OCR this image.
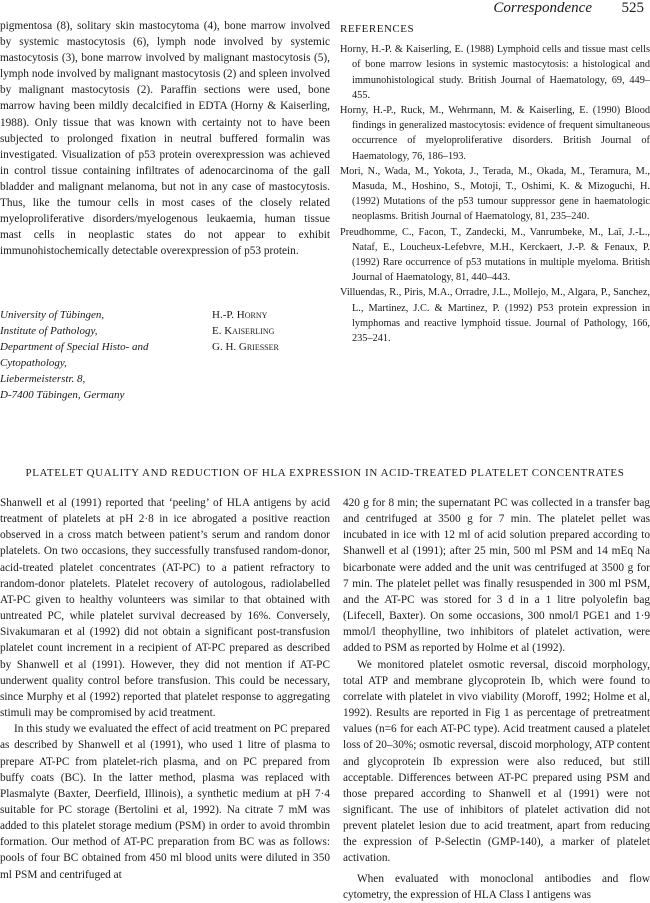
Correspondence 525

pigmentosa (8), solitary skin mastocytoma (4), bone marrow involved by systemic mastocytosis (6), lymph node involved by systemic mastocytosis (3), bone marrow involved by malignant mastocytosis (5), lymph node involved by malignant mastocytosis (2) and spleen involved by malignant mastocytosis (2). Paraffin sections were used, bone marrow having been mildly decalcified in EDTA (Horny & Kaiserling, 1988). Only tissue that was known with certainty not to have been subjected to prolonged fixation in neutral buffered formalin was investigated. Visualization of p53 protein overexpression was achieved in control tissue containing infiltrates of adenocarcinoma of the gall bladder and malignant melanoma, but not in any case of mastocytosis. Thus, like the tumour cells in most cases of the closely related myeloproliferative disorders/myelogenous leukaemia, human tissue mast cells in neoplastic states do not appear to exhibit immunohistochemically detectable overexpression of p53 protein.

University of Tübingen,
Institute of Pathology,
Department of Special Histo- and
Cytopathology,
Liebermeisterstr. 8,
D-7400 Tübingen, Germany
H.-P. Horny
E. Kaiserling
G. H. Griesser
REFERENCES

Horny, H.-P. & Kaiserling, E. (1988) Lymphoid cells and tissue mast cells of bone marrow lesions in systemic mastocytosis: a histological and immunohistological study. British Journal of Haematology, 69, 449–455.

Horny, H.-P., Ruck, M., Wehrmann, M. & Kaiserling, E. (1990) Blood findings in generalized mastocytosis: evidence of frequent simultaneous occurrence of myeloproliferative disorders. British Journal of Haematology, 76, 186–193.

Mori, N., Wada, M., Yokota, J., Terada, M., Okada, M., Teramura, M., Masuda, M., Hoshino, S., Motoji, T., Oshimi, K. & Mizoguchi, H. (1992) Mutations of the p53 tumour suppressor gene in haematologic neoplasms. British Journal of Haematology, 81, 235–240.

Preudhomme, C., Facon, T., Zandecki, M., Vanrumbeke, M., Laï, J.-L., Nataf, E., Loucheux-Lefebvre, M.H., Kerckaert, J.-P. & Fenaux, P. (1992) Rare occurrence of p53 mutations in multiple myeloma. British Journal of Haematology, 81, 440–443.

Villuendas, R., Piris, M.A., Orradre, J.L., Mollejo, M., Algara, P., Sanchez, L., Martinez, J.C. & Martinez, P. (1992) P53 protein expression in lymphomas and reactive lymphoid tissue. Journal of Pathology, 166, 235–241.

PLATELET QUALITY AND REDUCTION OF HLA EXPRESSION IN ACID-TREATED PLATELET CONCENTRATES

Shanwell et al (1991) reported that ‘peeling’ of HLA antigens by acid treatment of platelets at pH 2·8 in ice abrogated a positive reaction observed in a cross match between patient’s serum and random donor platelets. On two occasions, they successfully transfused random-donor, acid-treated platelet concentrates (AT-PC) to a patient refractory to random-donor platelets. Platelet recovery of autologous, radiolabelled AT-PC given to healthy volunteers was similar to that obtained with untreated PC, while platelet survival decreased by 16%. Conversely, Sivakumaran et al (1992) did not obtain a significant post-transfusion platelet count increment in a recipient of AT-PC prepared as described by Shanwell et al (1991). However, they did not mention if AT-PC underwent quality control before transfusion. This could be necessary, since Murphy et al (1992) reported that platelet response to aggregating stimuli may be compromised by acid treatment.

In this study we evaluated the effect of acid treatment on PC prepared as described by Shanwell et al (1991), who used 1 litre of plasma to prepare AT-PC from platelet-rich plasma, and on PC prepared from buffy coats (BC). In the latter method, plasma was replaced with Plasmalyte (Baxter, Deerfield, Illinois), a synthetic medium at pH 7·4 suitable for PC storage (Bertolini et al, 1992). Na citrate 7 mM was added to this platelet storage medium (PSM) in order to avoid thrombin formation. Our method of AT-PC preparation from BC was as follows: pools of four BC obtained from 450 ml blood units were diluted in 350 ml PSM and centrifuged at

420 g for 8 min; the supernatant PC was collected in a transfer bag and centrifuged at 3500 g for 7 min. The platelet pellet was incubated in ice with 12 ml of acid solution prepared according to Shanwell et al (1991); after 25 min, 500 ml PSM and 14 mEq Na bicarbonate were added and the unit was centrifuged at 3500 g for 7 min. The platelet pellet was finally resuspended in 300 ml PSM, and the AT-PC was stored for 3 d in a 1 litre polyolefin bag (Lifecell, Baxter). On some occasions, 300 nmol/l PGE1 and 1·9 mmol/l theophylline, two inhibitors of platelet activation, were added to PSM as reported by Holme et al (1992).

We monitored platelet osmotic reversal, discoid morphology, total ATP and membrane glycoprotein Ib, which were found to correlate with platelet in vivo viability (Moroff, 1992; Holme et al, 1992). Results are reported in Fig 1 as percentage of pretreatment values (n=6 for each AT-PC type). Acid treatment caused a platelet loss of 20–30%; osmotic reversal, discoid morphology, ATP content and glycoprotein Ib expression were also reduced, but still acceptable. Differences between AT-PC prepared using PSM and those prepared according to Shanwell et al (1991) were not significant. The use of inhibitors of platelet activation did not prevent platelet lesion due to acid treatment, apart from reducing the expression of P-Selectin (GMP-140), a marker of platelet activation.

When evaluated with monoclonal antibodies and flow cytometry, the expression of HLA Class I antigens was
